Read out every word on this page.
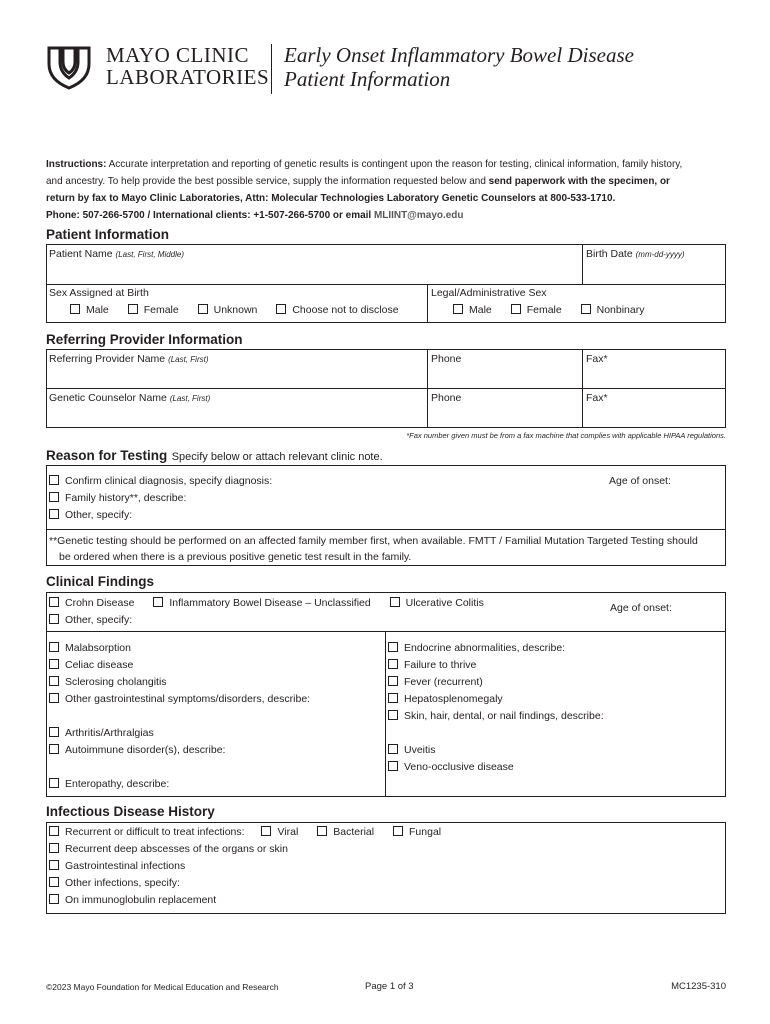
MAYO CLINIC
LABORATORIES
Early Onset Inflammatory Bowel Disease
Patient Information
Instructions: Accurate interpretation and reporting of genetic results is contingent upon the reason for testing, clinical information, family history, and ancestry. To help provide the best possible service, supply the information requested below and send paperwork with the specimen, or return by fax to Mayo Clinic Laboratories, Attn: Molecular Technologies Laboratory Genetic Counselors at 800-533-1710.
Phone: 507-266-5700 / International clients: +1-507-266-5700 or email MLIINT@mayo.edu
Patient Information
Patient Name (Last, First, Middle)	Birth Date (mm-dd-yyyy)
Sex Assigned at Birth
Male	Female	Unknown	Choose not to disclose
Legal/Administrative Sex
Male	Female	Nonbinary
Referring Provider Information
Referring Provider Name (Last, First)	Phone	Fax*
Genetic Counselor Name (Last, First)	Phone	Fax*
*Fax number given must be from a fax machine that complies with applicable HIPAA regulations.
Reason for Testing Specify below or attach relevant clinic note.
Confirm clinical diagnosis, specify diagnosis:
Family history**, describe:
Other, specify:
Age of onset:
**Genetic testing should be performed on an affected family member first, when available. FMTT / Familial Mutation Targeted Testing should
be ordered when there is a previous positive genetic test result in the family.
Clinical Findings
Crohn Disease	Inflammatory Bowel Disease – Unclassified	Ulcerative Colitis
Other, specify:
Age of onset:
Malabsorption
Celiac disease
Sclerosing cholangitis
Other gastrointestinal symptoms/disorders, describe:
Arthritis/Arthralgias
Autoimmune disorder(s), describe:
Enteropathy, describe:
Endocrine abnormalities, describe:
Failure to thrive
Fever (recurrent)
Hepatosplenomegaly
Skin, hair, dental, or nail findings, describe:
Uveitis
Veno-occlusive disease
Infectious Disease History
Recurrent or difficult to treat infections:	Viral	Bacterial	Fungal
Recurrent deep abscesses of the organs or skin
Gastrointestinal infections
Other infections, specify:
On immunoglobulin replacement
©2023 Mayo Foundation for Medical Education and Research	Page 1 of 3	MC1235-310
